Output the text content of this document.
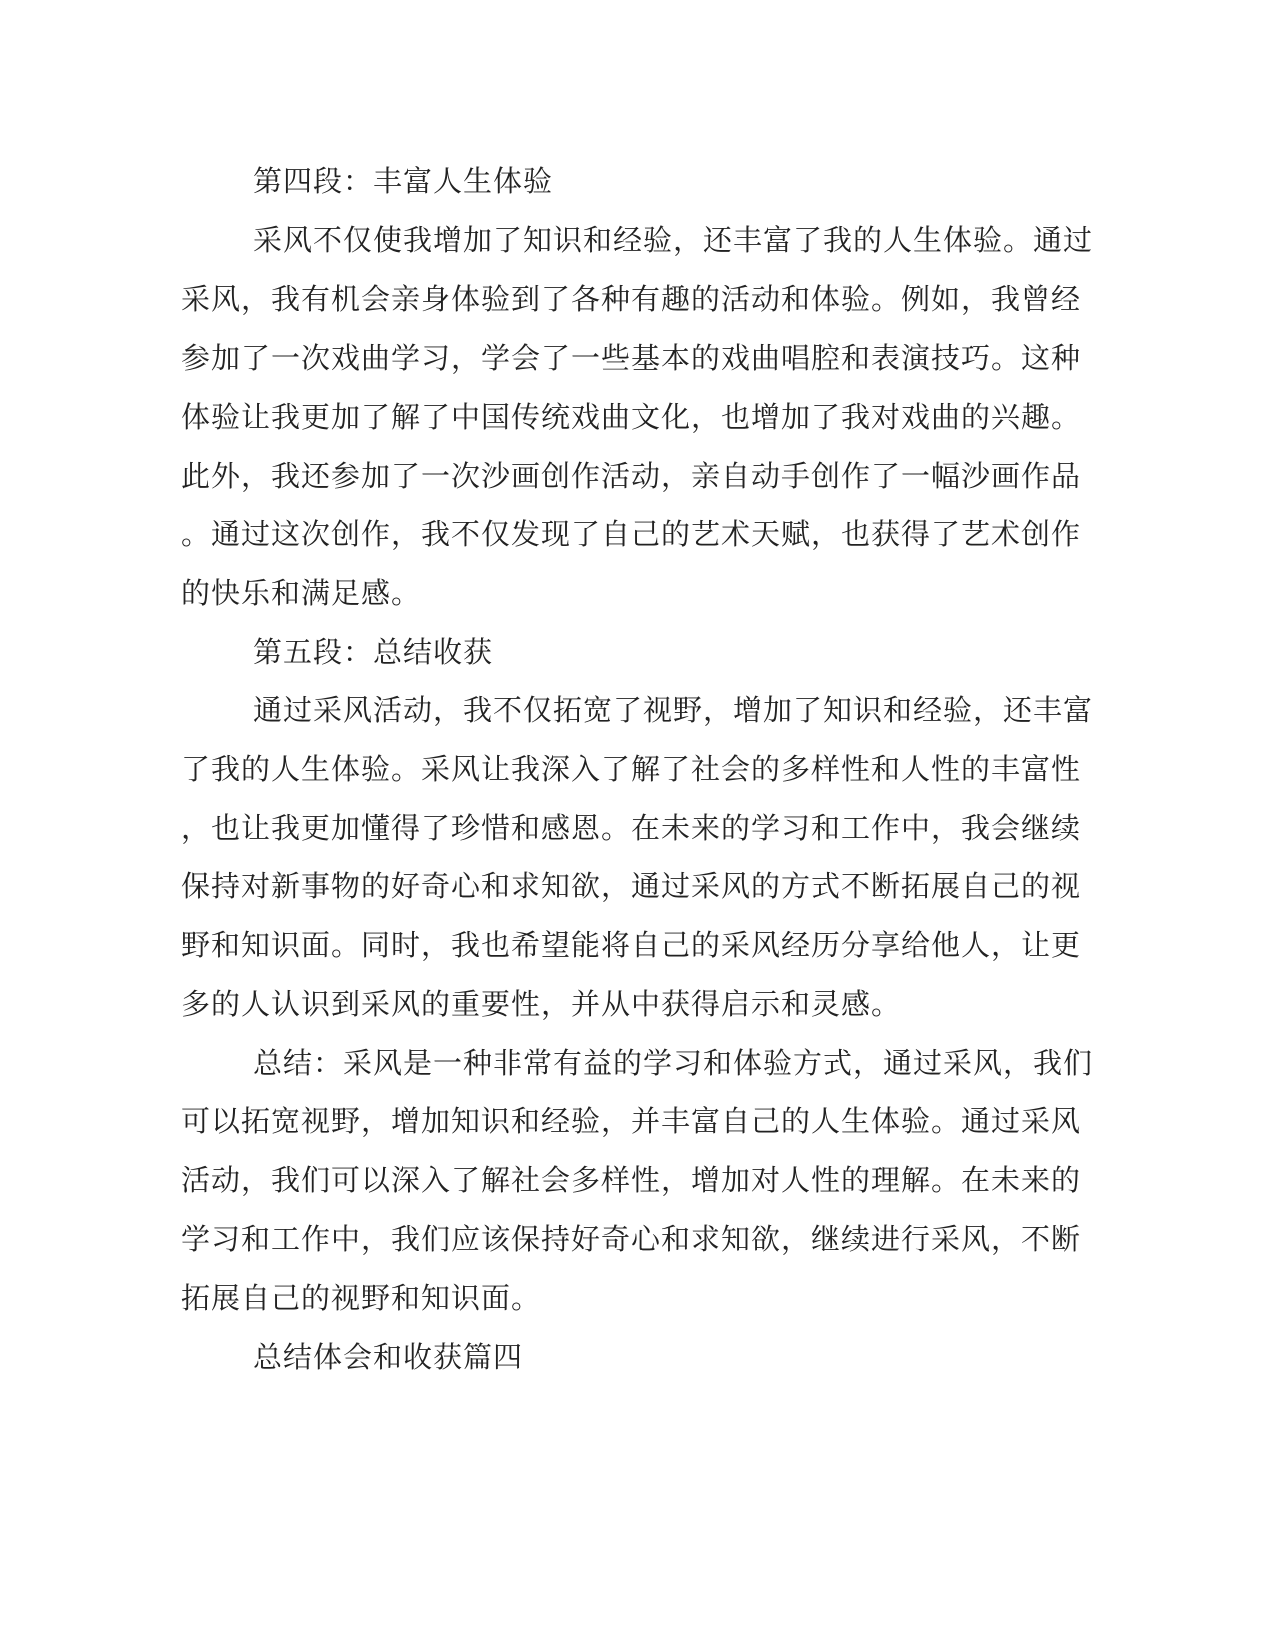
第四段：丰富人生体验
采风不仅使我增加了知识和经验，还丰富了我的人生体验。通过
采风，我有机会亲身体验到了各种有趣的活动和体验。例如，我曾经
参加了一次戏曲学习，学会了一些基本的戏曲唱腔和表演技巧。这种
体验让我更加了解了中国传统戏曲文化，也增加了我对戏曲的兴趣。
此外，我还参加了一次沙画创作活动，亲自动手创作了一幅沙画作品
。通过这次创作，我不仅发现了自己的艺术天赋，也获得了艺术创作
的快乐和满足感。
第五段：总结收获
通过采风活动，我不仅拓宽了视野，增加了知识和经验，还丰富
了我的人生体验。采风让我深入了解了社会的多样性和人性的丰富性
，也让我更加懂得了珍惜和感恩。在未来的学习和工作中，我会继续
保持对新事物的好奇心和求知欲，通过采风的方式不断拓展自己的视
野和知识面。同时，我也希望能将自己的采风经历分享给他人，让更
多的人认识到采风的重要性，并从中获得启示和灵感。
总结：采风是一种非常有益的学习和体验方式，通过采风，我们
可以拓宽视野，增加知识和经验，并丰富自己的人生体验。通过采风
活动，我们可以深入了解社会多样性，增加对人性的理解。在未来的
学习和工作中，我们应该保持好奇心和求知欲，继续进行采风，不断
拓展自己的视野和知识面。
总结体会和收获篇四
